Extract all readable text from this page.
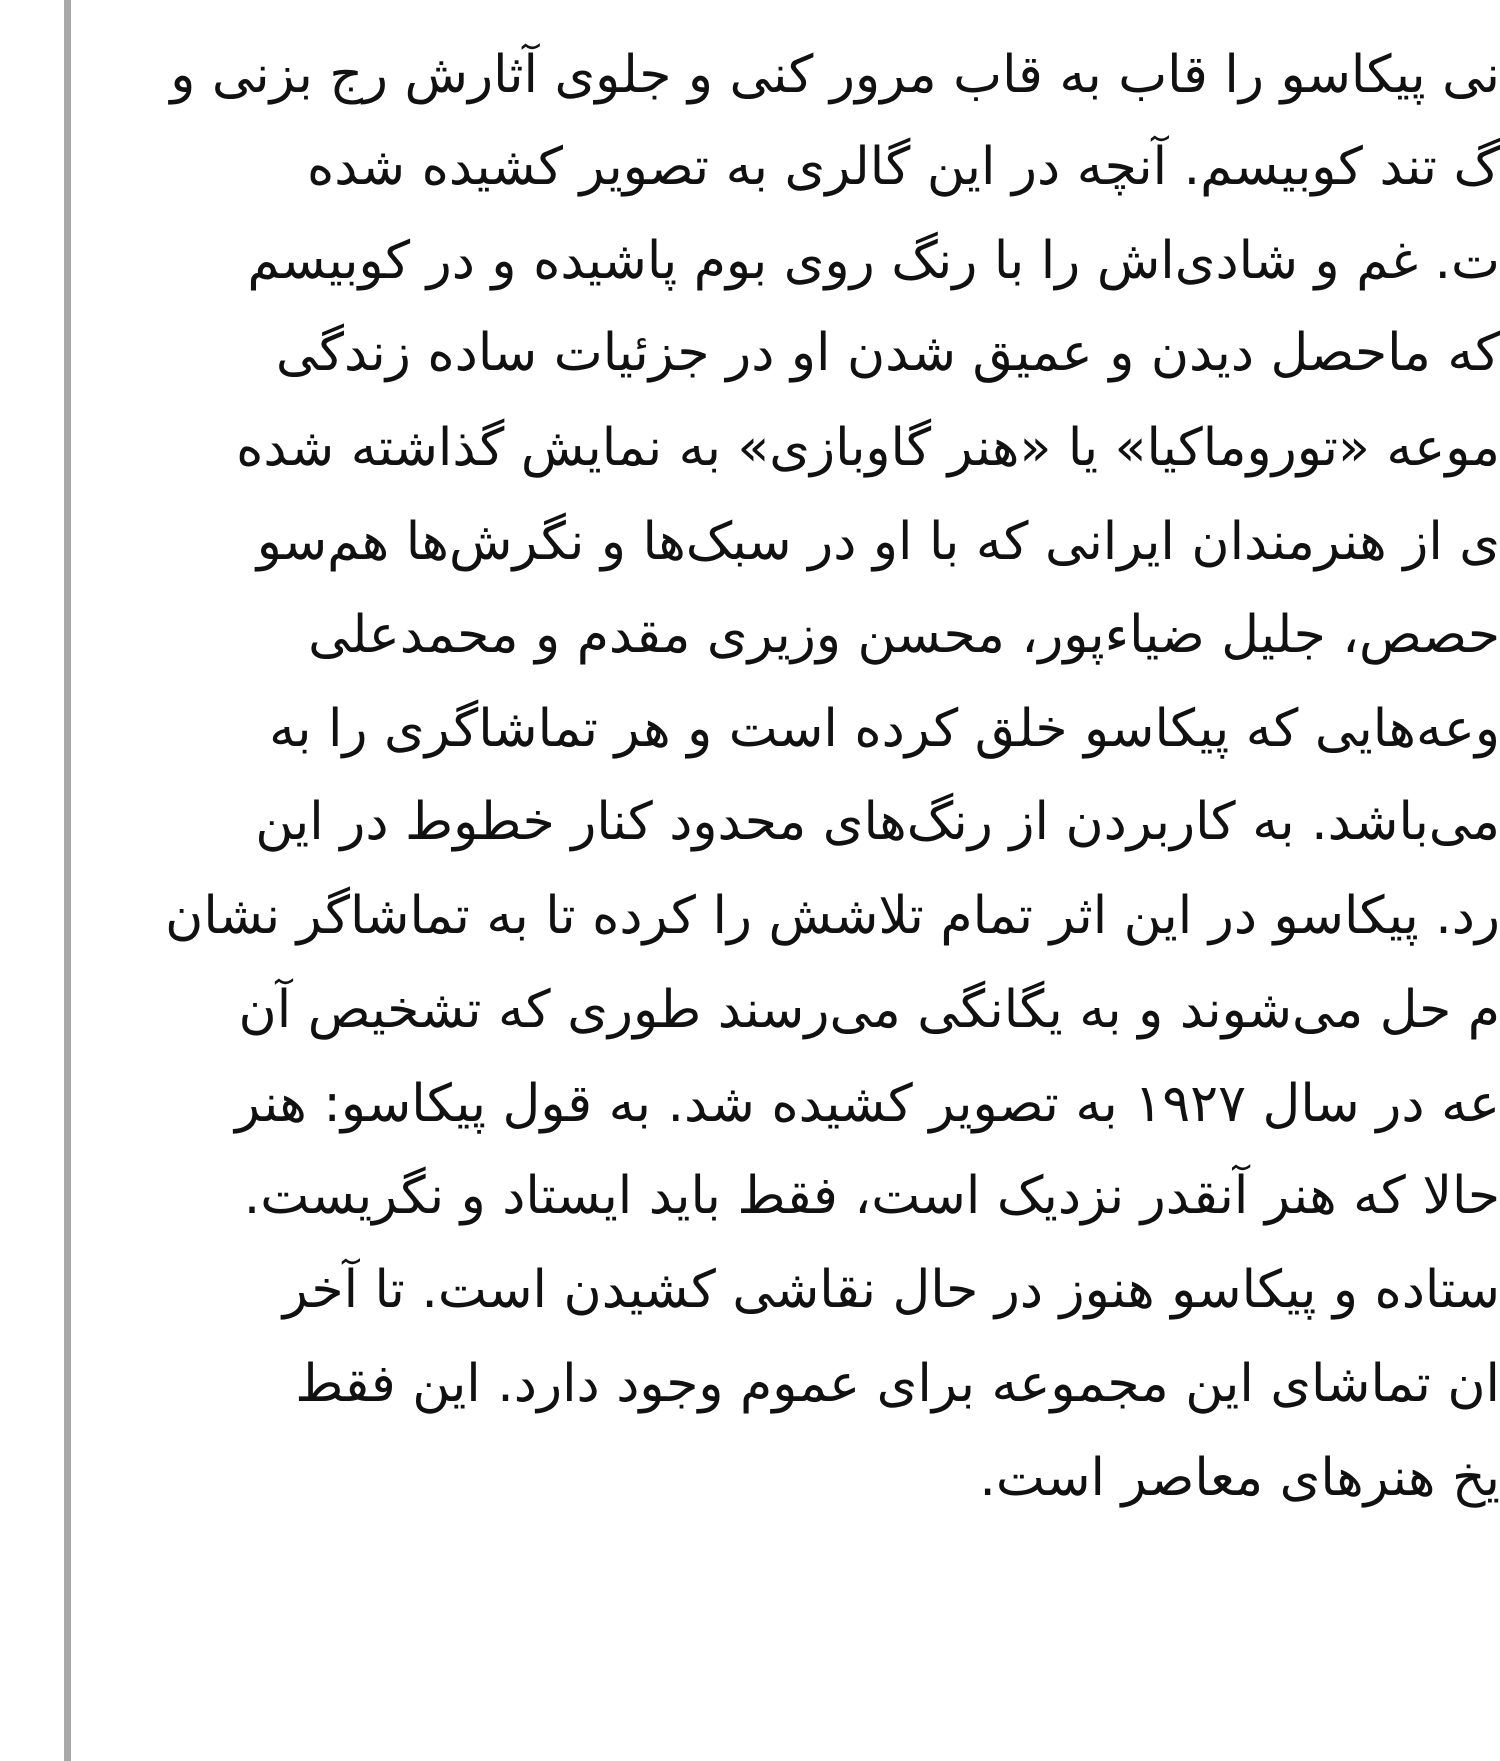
نی پیکاسو را قاب به قاب مرور کنی و جلوی آثارش رج بزنی و
گ تند کوبیسم. آنچه در این گالری به تصویر کشیده شده
ت. غم و شادی‌اش را با رنگ روی بوم پاشیده و در کوبیسم
که ماحصل دیدن و عمیق شدن او در جزئیات ساده زندگی
موعه «توروماکیا» یا «هنر گاوبازی» به نمایش گذاشته شده
ی از هنرمندان ایرانی که با او در سبک‌ها و نگرش‌ها هم‌سو
حصص، جلیل ضیاءپور، محسن وزیری مقدم و محمدعلی
وعه‌هایی که پیکاسو خلق کرده است و هر تماشاگری را به
می‌باشد. به کاربردن از رنگ‌های محدود کنار خطوط در این
رد. پیکاسو در این اثر تمام تلاشش را کرده تا به تماشاگر نشان
م حل می‌شوند و به یگانگی می‌رسند طوری که تشخیص آن
عه در سال ۱۹۲۷ به تصویر کشیده شد. به قول پیکاسو: هنر
حالا که هنر آنقدر نزدیک است، فقط باید ایستاد و نگریست.
ستاده و پیکاسو هنوز در حال نقاشی کشیدن است. تا آخر
ان تماشای این مجموعه برای عموم وجود دارد. این فقط
یخ هنرهای معاصر است.
